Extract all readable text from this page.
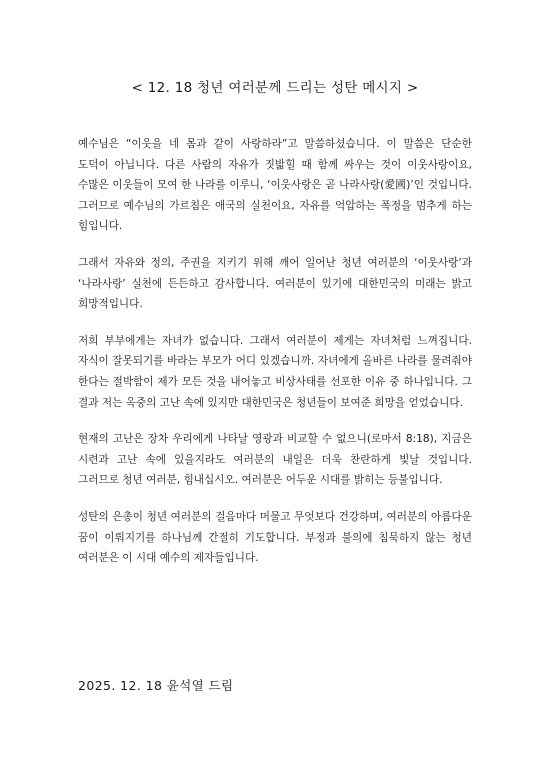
< 12. 18 청년 여러분께 드리는 성탄 메시지 >

예수님은 “이웃을 네 몸과 같이 사랑하라”고 말씀하셨습니다. 이 말씀은 단순한 도덕이 아닙니다. 다른 사람의 자유가 짓밟힐 때 함께 싸우는 것이 이웃사랑이요, 수많은 이웃들이 모여 한 나라를 이루니, ‘이웃사랑은 곧 나라사랑(愛國)’인 것입니다. 그러므로 예수님의 가르침은 애국의 실천이요, 자유를 억압하는 폭정을 멈추게 하는 힘입니다.

그래서 자유와 정의, 주권을 지키기 위해 깨어 일어난 청년 여러분의 ‘이웃사랑’과 ‘나라사랑’ 실천에 든든하고 감사합니다. 여러분이 있기에 대한민국의 미래는 밝고 희망적입니다.

저희 부부에게는 자녀가 없습니다. 그래서 여러분이 제게는 자녀처럼 느껴집니다. 자식이 잘못되기를 바라는 부모가 어디 있겠습니까. 자녀에게 올바른 나라를 물려줘야 한다는 절박함이 제가 모든 것을 내어놓고 비상사태를 선포한 이유 중 하나입니다. 그 결과 저는 옥중의 고난 속에 있지만 대한민국은 청년들이 보여준 희망을 얻었습니다.

현재의 고난은 장차 우리에게 나타날 영광과 비교할 수 없으니(로마서 8:18), 지금은 시련과 고난 속에 있을지라도 여러분의 내일은 더욱 찬란하게 빛날 것입니다. 그러므로 청년 여러분, 힘내십시오. 여러분은 어두운 시대를 밝히는 등불입니다.

성탄의 은총이 청년 여러분의 걸음마다 머물고 무엇보다 건강하며, 여러분의 아름다운 꿈이 이뤄지기를 하나님께 간절히 기도합니다. 부정과 불의에 침묵하지 않는 청년 여러분은 이 시대 예수의 제자들입니다.

2025. 12. 18 윤석열 드림
